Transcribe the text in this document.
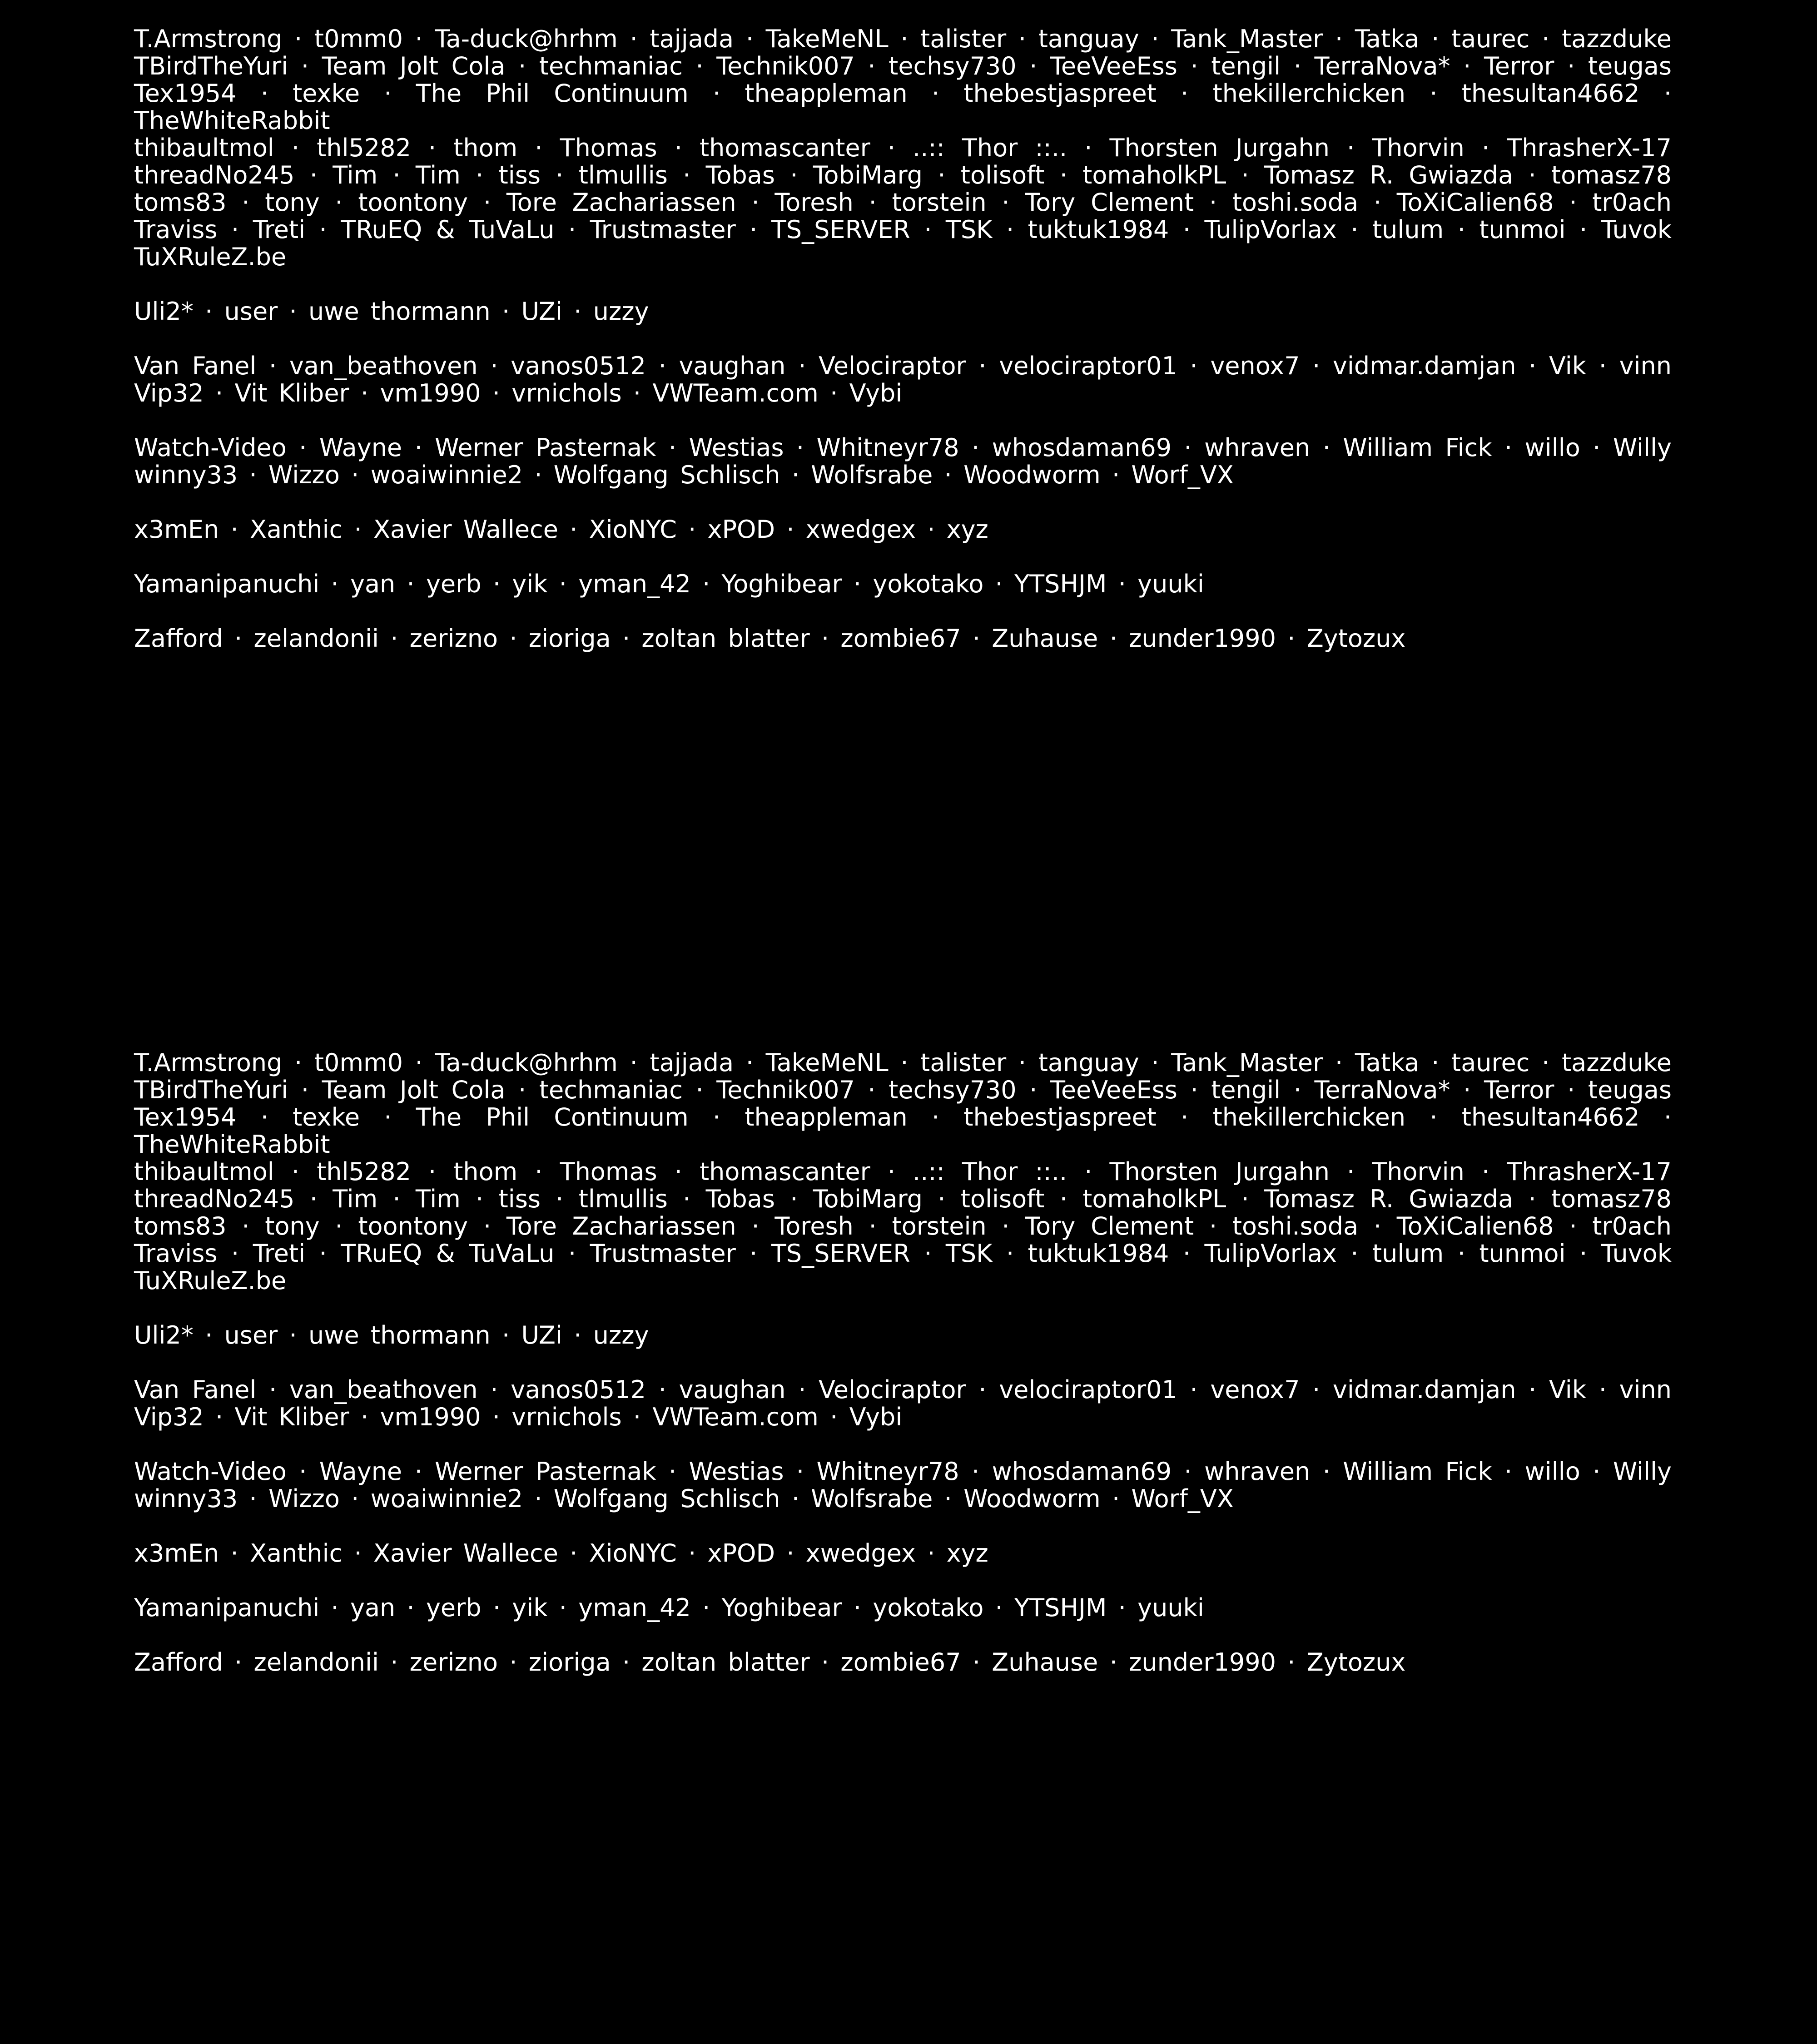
T.Armstrong · t0mm0 · Ta-duck@hrhm · tajjada · TakeMeNL · talister · tanguay · Tank_Master · Tatka · taurec · tazzduke
TBirdTheYuri · Team Jolt Cola · techmaniac · Technik007 · techsy730 · TeeVeeEss · tengil · TerraNova* · Terror · teugas
Tex1954 · texke · The Phil Continuum · theappleman · thebestjaspreet · thekillerchicken · thesultan4662 · TheWhiteRabbit
thibaultmol · thl5282 · thom · Thomas · thomascanter · ..:: Thor ::.. · Thorsten Jurgahn · Thorvin · ThrasherX-17
threadNo245 · Tim · Tim · tiss · tlmullis · Tobas · TobiMarg · tolisoft · tomaholkPL · Tomasz R. Gwiazda · tomasz78
toms83 · tony · toontony · Tore Zachariassen · Toresh · torstein · Tory Clement · toshi.soda · ToXiCalien68 · tr0ach
Traviss · Treti · TRuEQ & TuVaLu · Trustmaster · TS_SERVER · TSK · tuktuk1984 · TulipVorlax · tulum · tunmoi · Tuvok
TuXRuleZ.be
Uli2* · user · uwe thormann · UZi · uzzy
Van Fanel · van_beathoven · vanos0512 · vaughan · Velociraptor · velociraptor01 · venox7 · vidmar.damjan · Vik · vinn
Vip32 · Vit Kliber · vm1990 · vrnichols · VWTeam.com · Vybi
Watch-Video · Wayne · Werner Pasternak · Westias · Whitneyr78 · whosdaman69 · whraven · William Fick · willo · Willy
winny33 · Wizzo · woaiwinnie2 · Wolfgang Schlisch · Wolfsrabe · Woodworm · Worf_VX
x3mEn · Xanthic · Xavier Wallece · XioNYC · xPOD · xwedgex · xyz
Yamanipanuchi · yan · yerb · yik · yman_42 · Yoghibear · yokotako · YTSHJM · yuuki
Zafford · zelandonii · zerizno · zioriga · zoltan blatter · zombie67 · Zuhause · zunder1990 · Zytozux
T.Armstrong · t0mm0 · Ta-duck@hrhm · tajjada · TakeMeNL · talister · tanguay · Tank_Master · Tatka · taurec · tazzduke
TBirdTheYuri · Team Jolt Cola · techmaniac · Technik007 · techsy730 · TeeVeeEss · tengil · TerraNova* · Terror · teugas
Tex1954 · texke · The Phil Continuum · theappleman · thebestjaspreet · thekillerchicken · thesultan4662 · TheWhiteRabbit
thibaultmol · thl5282 · thom · Thomas · thomascanter · ..:: Thor ::.. · Thorsten Jurgahn · Thorvin · ThrasherX-17
threadNo245 · Tim · Tim · tiss · tlmullis · Tobas · TobiMarg · tolisoft · tomaholkPL · Tomasz R. Gwiazda · tomasz78
toms83 · tony · toontony · Tore Zachariassen · Toresh · torstein · Tory Clement · toshi.soda · ToXiCalien68 · tr0ach
Traviss · Treti · TRuEQ & TuVaLu · Trustmaster · TS_SERVER · TSK · tuktuk1984 · TulipVorlax · tulum · tunmoi · Tuvok
TuXRuleZ.be
Uli2* · user · uwe thormann · UZi · uzzy
Van Fanel · van_beathoven · vanos0512 · vaughan · Velociraptor · velociraptor01 · venox7 · vidmar.damjan · Vik · vinn
Vip32 · Vit Kliber · vm1990 · vrnichols · VWTeam.com · Vybi
Watch-Video · Wayne · Werner Pasternak · Westias · Whitneyr78 · whosdaman69 · whraven · William Fick · willo · Willy
winny33 · Wizzo · woaiwinnie2 · Wolfgang Schlisch · Wolfsrabe · Woodworm · Worf_VX
x3mEn · Xanthic · Xavier Wallece · XioNYC · xPOD · xwedgex · xyz
Yamanipanuchi · yan · yerb · yik · yman_42 · Yoghibear · yokotako · YTSHJM · yuuki
Zafford · zelandonii · zerizno · zioriga · zoltan blatter · zombie67 · Zuhause · zunder1990 · Zytozux
